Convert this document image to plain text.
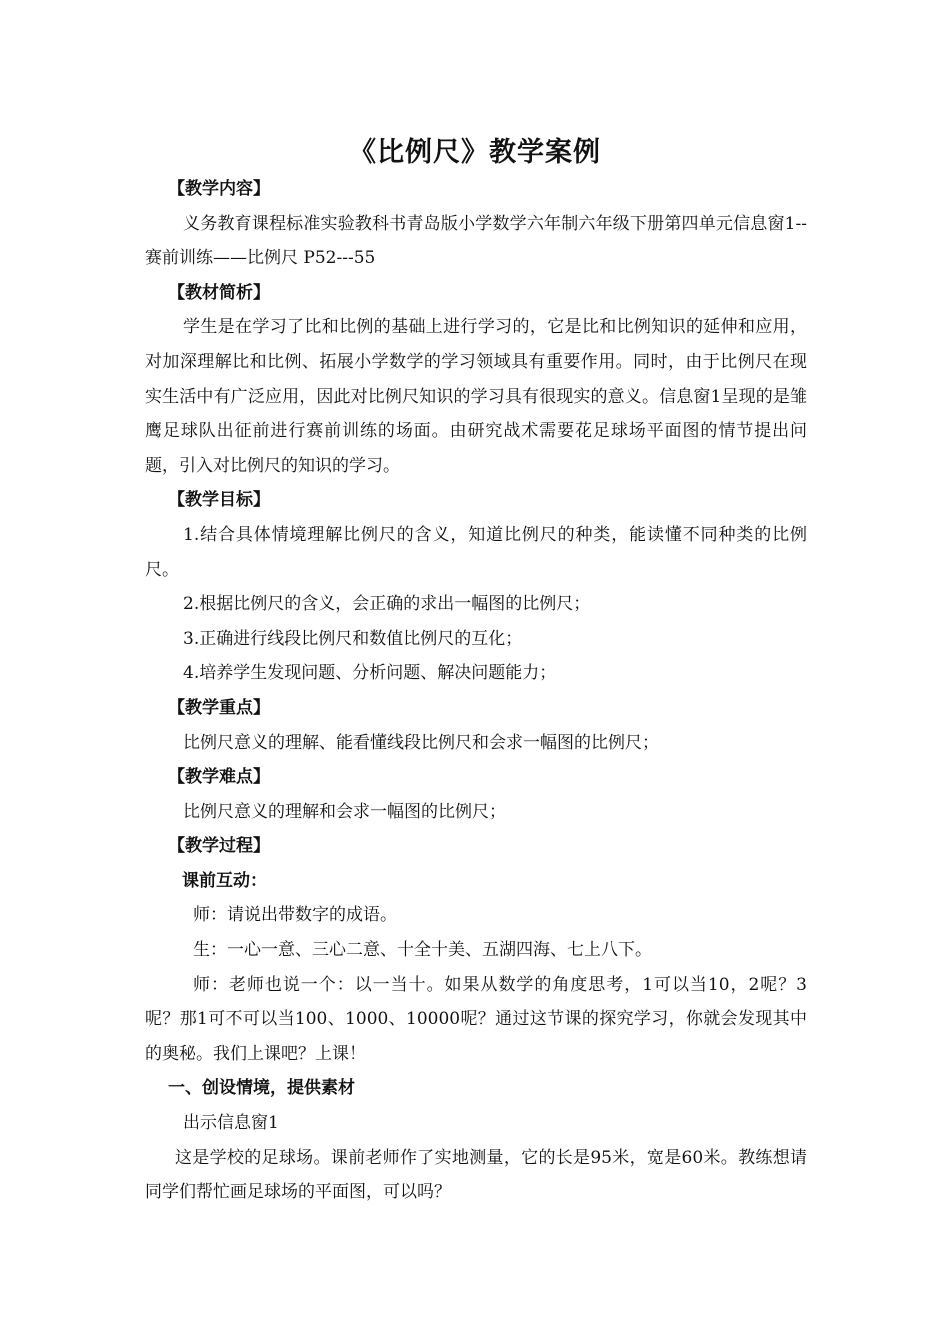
《比例尺》教学案例

【教学内容】

义务教育课程标准实验教科书青岛版小学数学六年制六年级下册第四单元信息窗1--赛前训练——比例尺 P52---55

【教材简析】

学生是在学习了比和比例的基础上进行学习的，它是比和比例知识的延伸和应用，对加深理解比和比例、拓展小学数学的学习领域具有重要作用。同时，由于比例尺在现实生活中有广泛应用，因此对比例尺知识的学习具有很现实的意义。信息窗1呈现的是雏鹰足球队出征前进行赛前训练的场面。由研究战术需要花足球场平面图的情节提出问题，引入对比例尺的知识的学习。

【教学目标】

1.结合具体情境理解比例尺的含义，知道比例尺的种类，能读懂不同种类的比例尺。

2.根据比例尺的含义，会正确的求出一幅图的比例尺；

3.正确进行线段比例尺和数值比例尺的互化；

4.培养学生发现问题、分析问题、解决问题能力；

【教学重点】

比例尺意义的理解、能看懂线段比例尺和会求一幅图的比例尺；

【教学难点】

比例尺意义的理解和会求一幅图的比例尺；

【教学过程】

课前互动：

师：请说出带数字的成语。

生：一心一意、三心二意、十全十美、五湖四海、七上八下。

师：老师也说一个：以一当十。如果从数学的角度思考，1可以当10，2呢？3呢？那1可不可以当100、1000、10000呢？通过这节课的探究学习，你就会发现其中的奥秘。我们上课吧？上课！

一、创设情境，提供素材

出示信息窗1

这是学校的足球场。课前老师作了实地测量，它的长是95米，宽是60米。教练想请同学们帮忙画足球场的平面图，可以吗？
